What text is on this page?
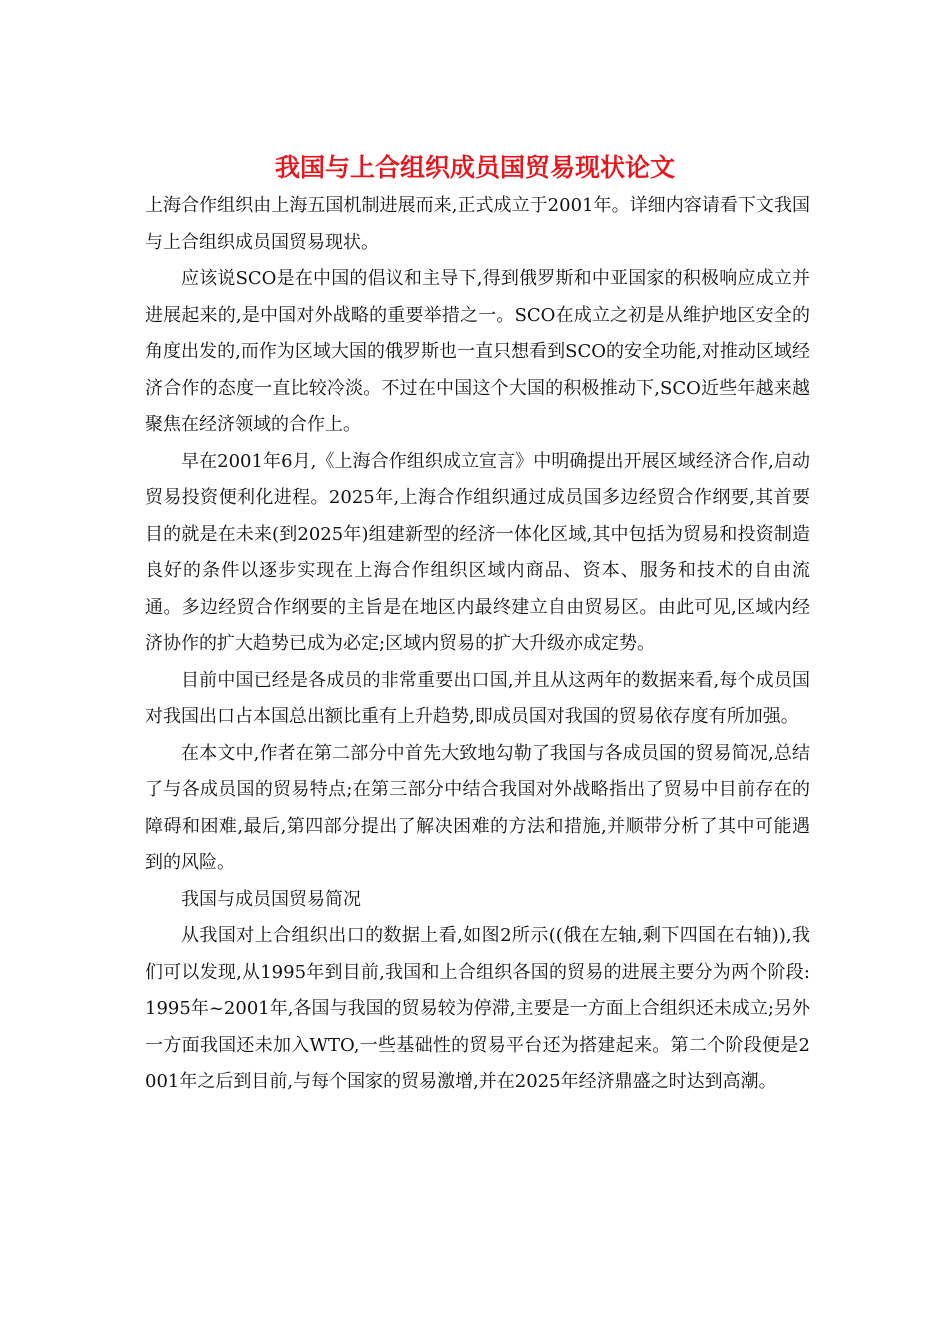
我国与上合组织成员国贸易现状论文

上海合作组织由上海五国机制进展而来,正式成立于2001年。详细内容请看下文我国与上合组织成员国贸易现状。

应该说SCO是在中国的倡议和主导下,得到俄罗斯和中亚国家的积极响应成立并进展起来的,是中国对外战略的重要举措之一。SCO在成立之初是从维护地区安全的角度出发的,而作为区域大国的俄罗斯也一直只想看到SCO的安全功能,对推动区域经济合作的态度一直比较冷淡。不过在中国这个大国的积极推动下,SCO近些年越来越聚焦在经济领域的合作上。

早在2001年6月,《上海合作组织成立宣言》中明确提出开展区域经济合作,启动贸易投资便利化进程。2025年,上海合作组织通过成员国多边经贸合作纲要,其首要目的就是在未来(到2025年)组建新型的经济一体化区域,其中包括为贸易和投资制造良好的条件以逐步实现在上海合作组织区域内商品、资本、服务和技术的自由流通。多边经贸合作纲要的主旨是在地区内最终建立自由贸易区。由此可见,区域内经济协作的扩大趋势已成为必定;区域内贸易的扩大升级亦成定势。

目前中国已经是各成员的非常重要出口国,并且从这两年的数据来看,每个成员国对我国出口占本国总出额比重有上升趋势,即成员国对我国的贸易依存度有所加强。

在本文中,作者在第二部分中首先大致地勾勒了我国与各成员国的贸易简况,总结了与各成员国的贸易特点;在第三部分中结合我国对外战略指出了贸易中目前存在的障碍和困难,最后,第四部分提出了解决困难的方法和措施,并顺带分析了其中可能遇到的风险。

我国与成员国贸易简况

从我国对上合组织出口的数据上看,如图2所示((俄在左轴,剩下四国在右轴)),我们可以发现,从1995年到目前,我国和上合组织各国的贸易的进展主要分为两个阶段:1995年~2001年,各国与我国的贸易较为停滞,主要是一方面上合组织还未成立;另外一方面我国还未加入WTO,一些基础性的贸易平台还为搭建起来。第二个阶段便是2001年之后到目前,与每个国家的贸易激增,并在2025年经济鼎盛之时达到高潮。
